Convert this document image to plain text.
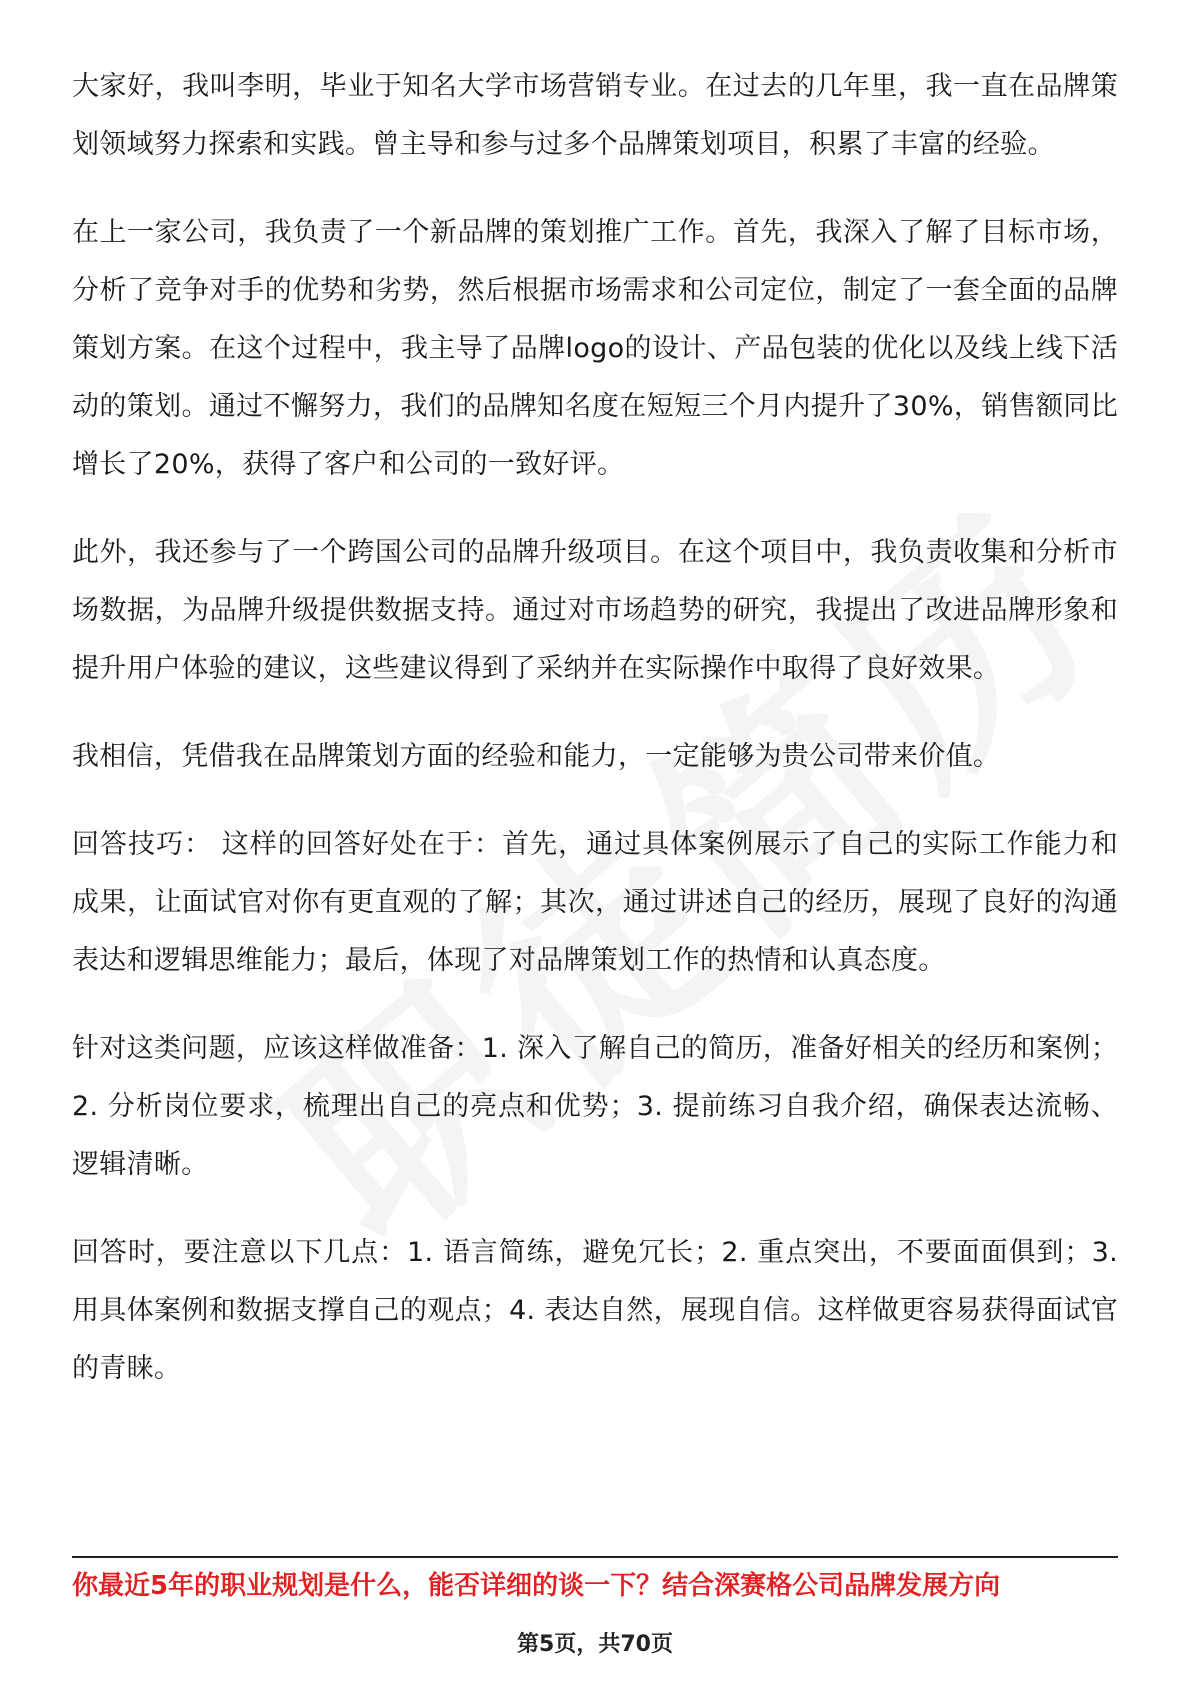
大家好，我叫李明，毕业于知名大学市场营销专业。在过去的几年里，我一直在品牌策划领域努力探索和实践。曾主导和参与过多个品牌策划项目，积累了丰富的经验。

在上一家公司，我负责了一个新品牌的策划推广工作。首先，我深入了解了目标市场，分析了竞争对手的优势和劣势，然后根据市场需求和公司定位，制定了一套全面的品牌策划方案。在这个过程中，我主导了品牌logo的设计、产品包装的优化以及线上线下活动的策划。通过不懈努力，我们的品牌知名度在短短三个月内提升了30%，销售额同比增长了20%，获得了客户和公司的一致好评。

此外，我还参与了一个跨国公司的品牌升级项目。在这个项目中，我负责收集和分析市场数据，为品牌升级提供数据支持。通过对市场趋势的研究，我提出了改进品牌形象和提升用户体验的建议，这些建议得到了采纳并在实际操作中取得了良好效果。

我相信，凭借我在品牌策划方面的经验和能力，一定能够为贵公司带来价值。

回答技巧： 这样的回答好处在于：首先，通过具体案例展示了自己的实际工作能力和成果，让面试官对你有更直观的了解；其次，通过讲述自己的经历，展现了良好的沟通表达和逻辑思维能力；最后，体现了对品牌策划工作的热情和认真态度。

针对这类问题，应该这样做准备：1. 深入了解自己的简历，准备好相关的经历和案例；2. 分析岗位要求，梳理出自己的亮点和优势；3. 提前练习自我介绍，确保表达流畅、逻辑清晰。

回答时，要注意以下几点：1. 语言简练，避免冗长；2. 重点突出，不要面面俱到；3. 用具体案例和数据支撑自己的观点；4. 表达自然，展现自信。这样做更容易获得面试官的青睐。

你最近5年的职业规划是什么，能否详细的谈一下？结合深赛格公司品牌发展方向
第5页，共70页
